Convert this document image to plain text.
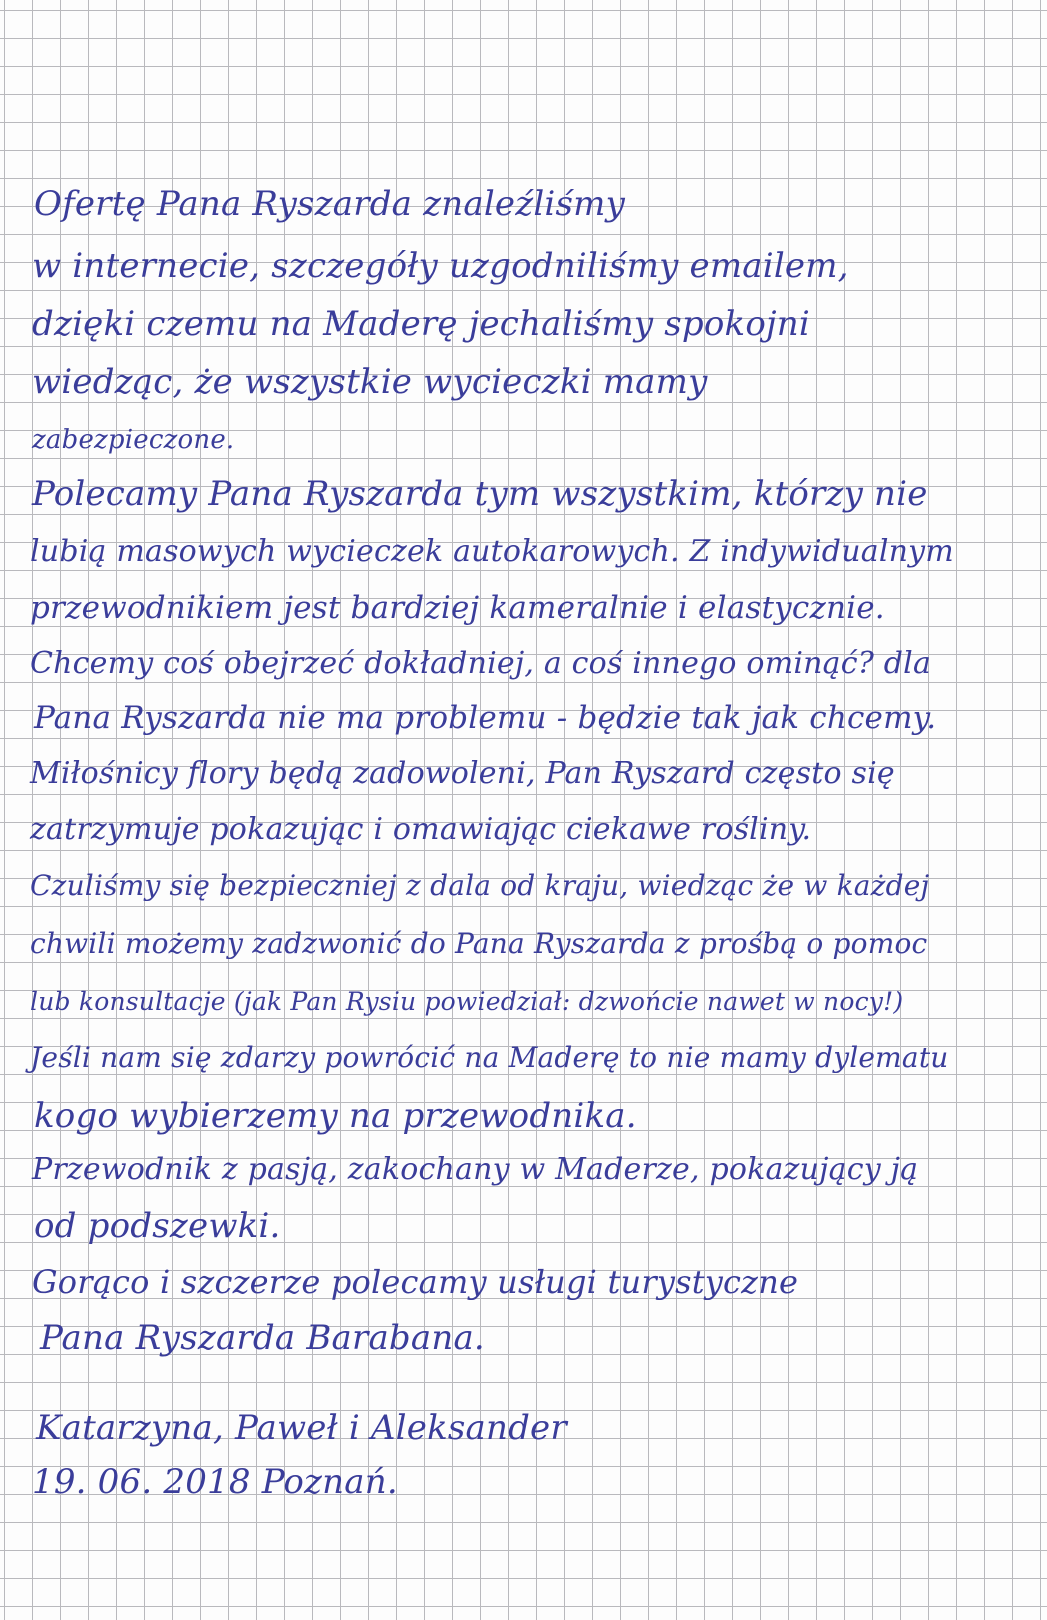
Ofertę Pana Ryszarda znaleźliśmy
w internecie, szczegóły uzgodniliśmy emailem,
dzięki czemu na Maderę jechaliśmy spokojni
wiedząc, że wszystkie wycieczki mamy
zabezpieczone.
Polecamy Pana Ryszarda tym wszystkim, którzy nie
lubią masowych wycieczek autokarowych. Z indywidualnym
przewodnikiem jest bardziej kameralnie i elastycznie.
Chcemy coś obejrzeć dokładniej, a coś innego ominąć? dla
Pana Ryszarda nie ma problemu - będzie tak jak chcemy.
Miłośnicy flory będą zadowoleni, Pan Ryszard często się
zatrzymuje pokazując i omawiając ciekawe rośliny.
Czuliśmy się bezpieczniej z dala od kraju, wiedząc że w każdej
chwili możemy zadzwonić do Pana Ryszarda z prośbą o pomoc
lub konsultacje (jak Pan Rysiu powiedział: dzwońcie nawet w nocy!)
Jeśli nam się zdarzy powrócić na Maderę to nie mamy dylematu
kogo wybierzemy na przewodnika.
Przewodnik z pasją, zakochany w Maderze, pokazujący ją
od podszewki.
Gorąco i szczerze polecamy usługi turystyczne
Pana Ryszarda Barabana.
Katarzyna, Paweł i Aleksander
19. 06. 2018 Poznań.
